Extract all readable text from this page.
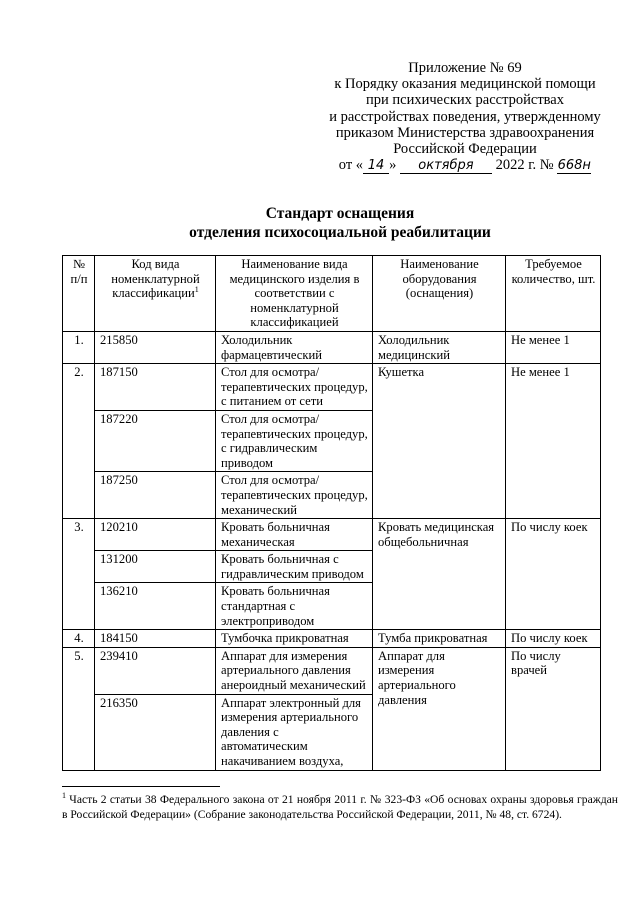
Приложение № 69
к Порядку оказания медицинской помощи
при психических расстройствах
и расстройствах поведения, утвержденному
приказом Министерства здравоохранения
Российской Федерации
от « 14 » октября 2022 г. № 668н
Стандарт оснащения
отделения психосоциальной реабилитации
№ п/п	Код вида номенклатурной классификации$^1$	Наименование вида медицинского изделия в соответствии с номенклатурной классификацией	Наименование оборудования (оснащения)	Требуемое количество, шт.
1.	215850	Холодильник фармацевтический	Холодильник медицинский	Не менее 1
2.	187150	Стол для осмотра/терапевтических процедур, с питанием от сети	Кушетка	Не менее 1
	187220	Стол для осмотра/терапевтических процедур, с гидравлическим приводом		
	187250	Стол для осмотра/терапевтических процедур, механический		
3.	120210	Кровать больничная механическая	Кровать медицинская общебольничная	По числу коек
	131200	Кровать больничная с гидравлическим приводом		
	136210	Кровать больничная стандартная с электроприводом		
4.	184150	Тумбочка прикроватная	Тумба прикроватная	По числу коек
5.	239410	Аппарат для измерения артериального давления анероидный механический	Аппарат для измерения артериального давления	По числу врачей
	216350	Аппарат электронный для измерения артериального давления с автоматическим накачиванием воздуха,		
$^1$ Часть 2 статьи 38 Федерального закона от 21 ноября 2011 г. № 323-ФЗ «Об основах охраны здоровья граждан в Российской Федерации» (Собрание законодательства Российской Федерации, 2011, № 48, ст. 6724).
